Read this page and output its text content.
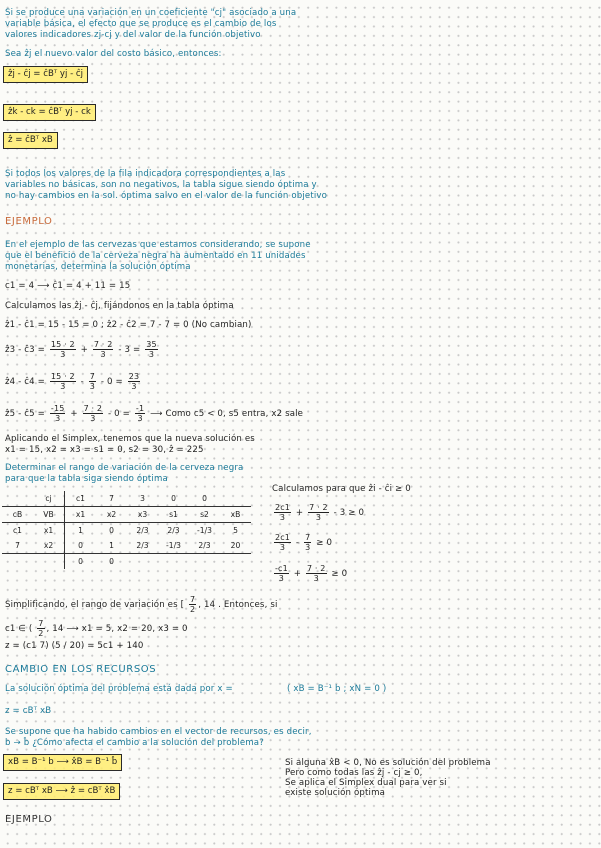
Si se produce una variación en un coeficiente "cj" asociado a una
variable básica, el efecto que se produce es el cambio de los
valores indicadores zj-cj y del valor de la función objetivo
Sea ẑj el nuevo valor del costo básico, entonces:
ẑj - ĉj = ĉBᵀ yj - ĉj
ẑk - ck = ĉBᵀ yj - ck
ẑ = ĉBᵀ xB
Si todos los valores de la fila indicadora correspondientes a las
variables no básicas, son no negativos, la tabla sigue siendo óptima y
no hay cambios en la sol. óptima salvo en el valor de la función objetivo
EJEMPLO
En el ejemplo de las cervezas que estamos considerando, se supone
que el beneficio de la cerveza negra ha aumentado en 11 unidades
monetarias, determina la solución óptima
c1 = 4 ⟶ ĉ1 = 4 + 11 = 15
Calculamos las ẑj - ĉj, fijándonos en la tabla óptima
ẑ1 - ĉ1 = 15 - 15 = 0 ; ẑ2 - ĉ2 = 7 - 7 = 0 (No cambian)
ẑ3 - ĉ3 = $\frac{15 \cdot 2}{3} + \frac{7 \cdot 2}{3} - 3 = \frac{35}{3}$
ẑ4 - ĉ4 = $\frac{15 \cdot 2}{3} - \frac{7}{3} - 0 = \frac{23}{3}$
ẑ5 - ĉ5 = $\frac{-15}{3} + \frac{7 \cdot 2}{3} - 0 = \frac{-1}{3}$ ⟶ Como c5 < 0, s5 entra, x2 sale
Aplicando el Simplex, tenemos que la nueva solución es
x1 = 15, x2 = x3 = s1 = 0, s2 = 30, ẑ = 225
Determinar el rango de variación de la cerveza negra
para que la tabla siga siendo óptima
	cj	c1	7	3	0	0	
cB	VB	x1	x2	x3	s1	s2	xB
c1	x1	1	0	2/3	2/3	-1/3	5
7	x2	0	1	2/3	-1/3	2/3	20
		0	0				
Calculamos para que ẑi - ĉi ≥ 0
$\frac{2c1}{3} + \frac{7 \cdot 2}{3} - 3 \ge 0$
$\frac{2c1}{3} - \frac{7}{3} \ge 0$
$\frac{-c1}{3} + \frac{7 \cdot 2}{3} \ge 0$
Simplificando, el rango de variación es [ $\frac{7}{2}$ , 14 . Entonces, si
c1 ∈ ( $\frac{7}{2}$ , 14 ⟶ x1 = 5, x2 = 20, x3 = 0
z = (c1 7) (5 / 20) = 5c1 + 140
CAMBIO EN LOS RECURSOS
La solución óptima del problema está dada por x =	( xB = B⁻¹ b ; xN = 0 )
z = cBᵀ xB
Se supone que ha habido cambios en el vector de recursos, es decir,
b → b̂ ¿Cómo afecta el cambio a la solución del problema?
xB = B⁻¹ b ⟶ x̂B = B⁻¹ b̂
z = cBᵀ xB ⟶ ẑ = cBᵀ x̂B
Si alguna x̂B < 0, No es solución del problema
Pero como todas las ẑj - cj ≥ 0,
Se aplica el Simplex dual para ver si
existe solución óptima
EJEMPLO
